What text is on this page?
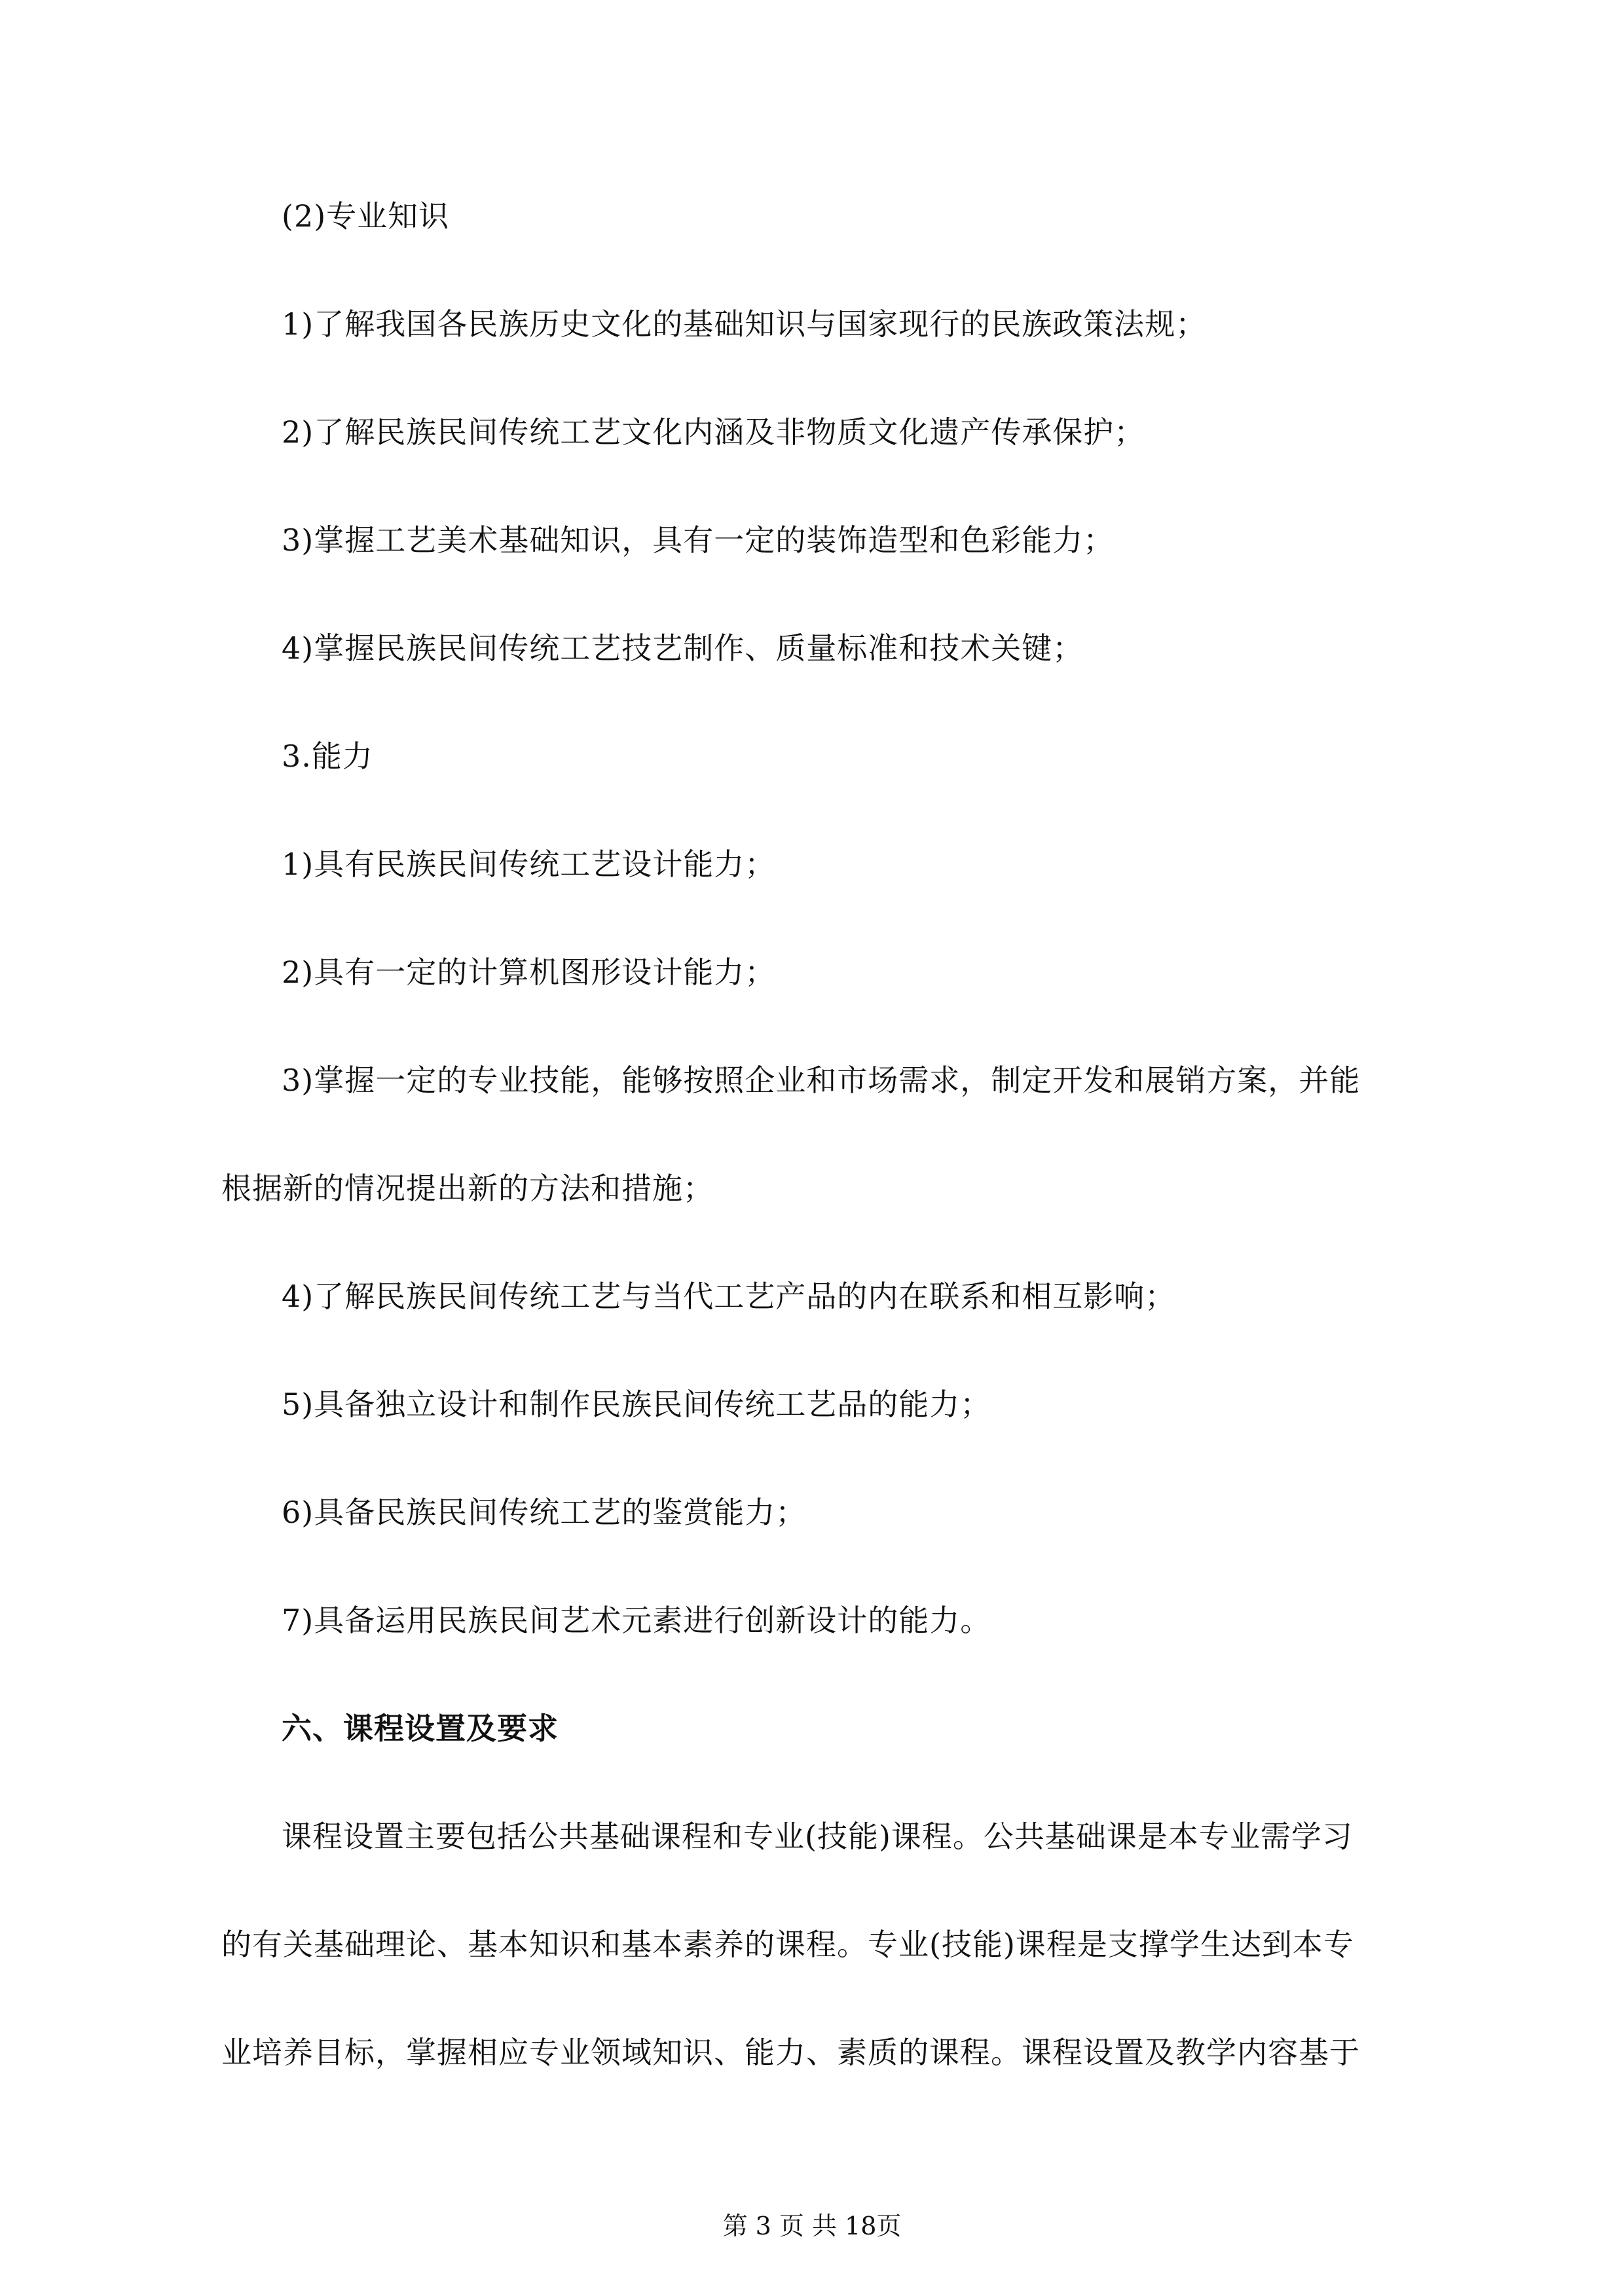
(2)专业知识

1)了解我国各民族历史文化的基础知识与国家现行的民族政策法规；

2)了解民族民间传统工艺文化内涵及非物质文化遗产传承保护；

3)掌握工艺美术基础知识，具有一定的装饰造型和色彩能力；

4)掌握民族民间传统工艺技艺制作、质量标准和技术关键；

3.能力

1)具有民族民间传统工艺设计能力；

2)具有一定的计算机图形设计能力；

3)掌握一定的专业技能，能够按照企业和市场需求，制定开发和展销方案，并能

根据新的情况提出新的方法和措施；

4)了解民族民间传统工艺与当代工艺产品的内在联系和相互影响；

5)具备独立设计和制作民族民间传统工艺品的能力；

6)具备民族民间传统工艺的鉴赏能力；

7)具备运用民族民间艺术元素进行创新设计的能力。

六、课程设置及要求

课程设置主要包括公共基础课程和专业(技能)课程。公共基础课是本专业需学习

的有关基础理论、基本知识和基本素养的课程。专业(技能)课程是支撑学生达到本专

业培养目标，掌握相应专业领域知识、能力、素质的课程。课程设置及教学内容基于

第 3 页 共 18页
